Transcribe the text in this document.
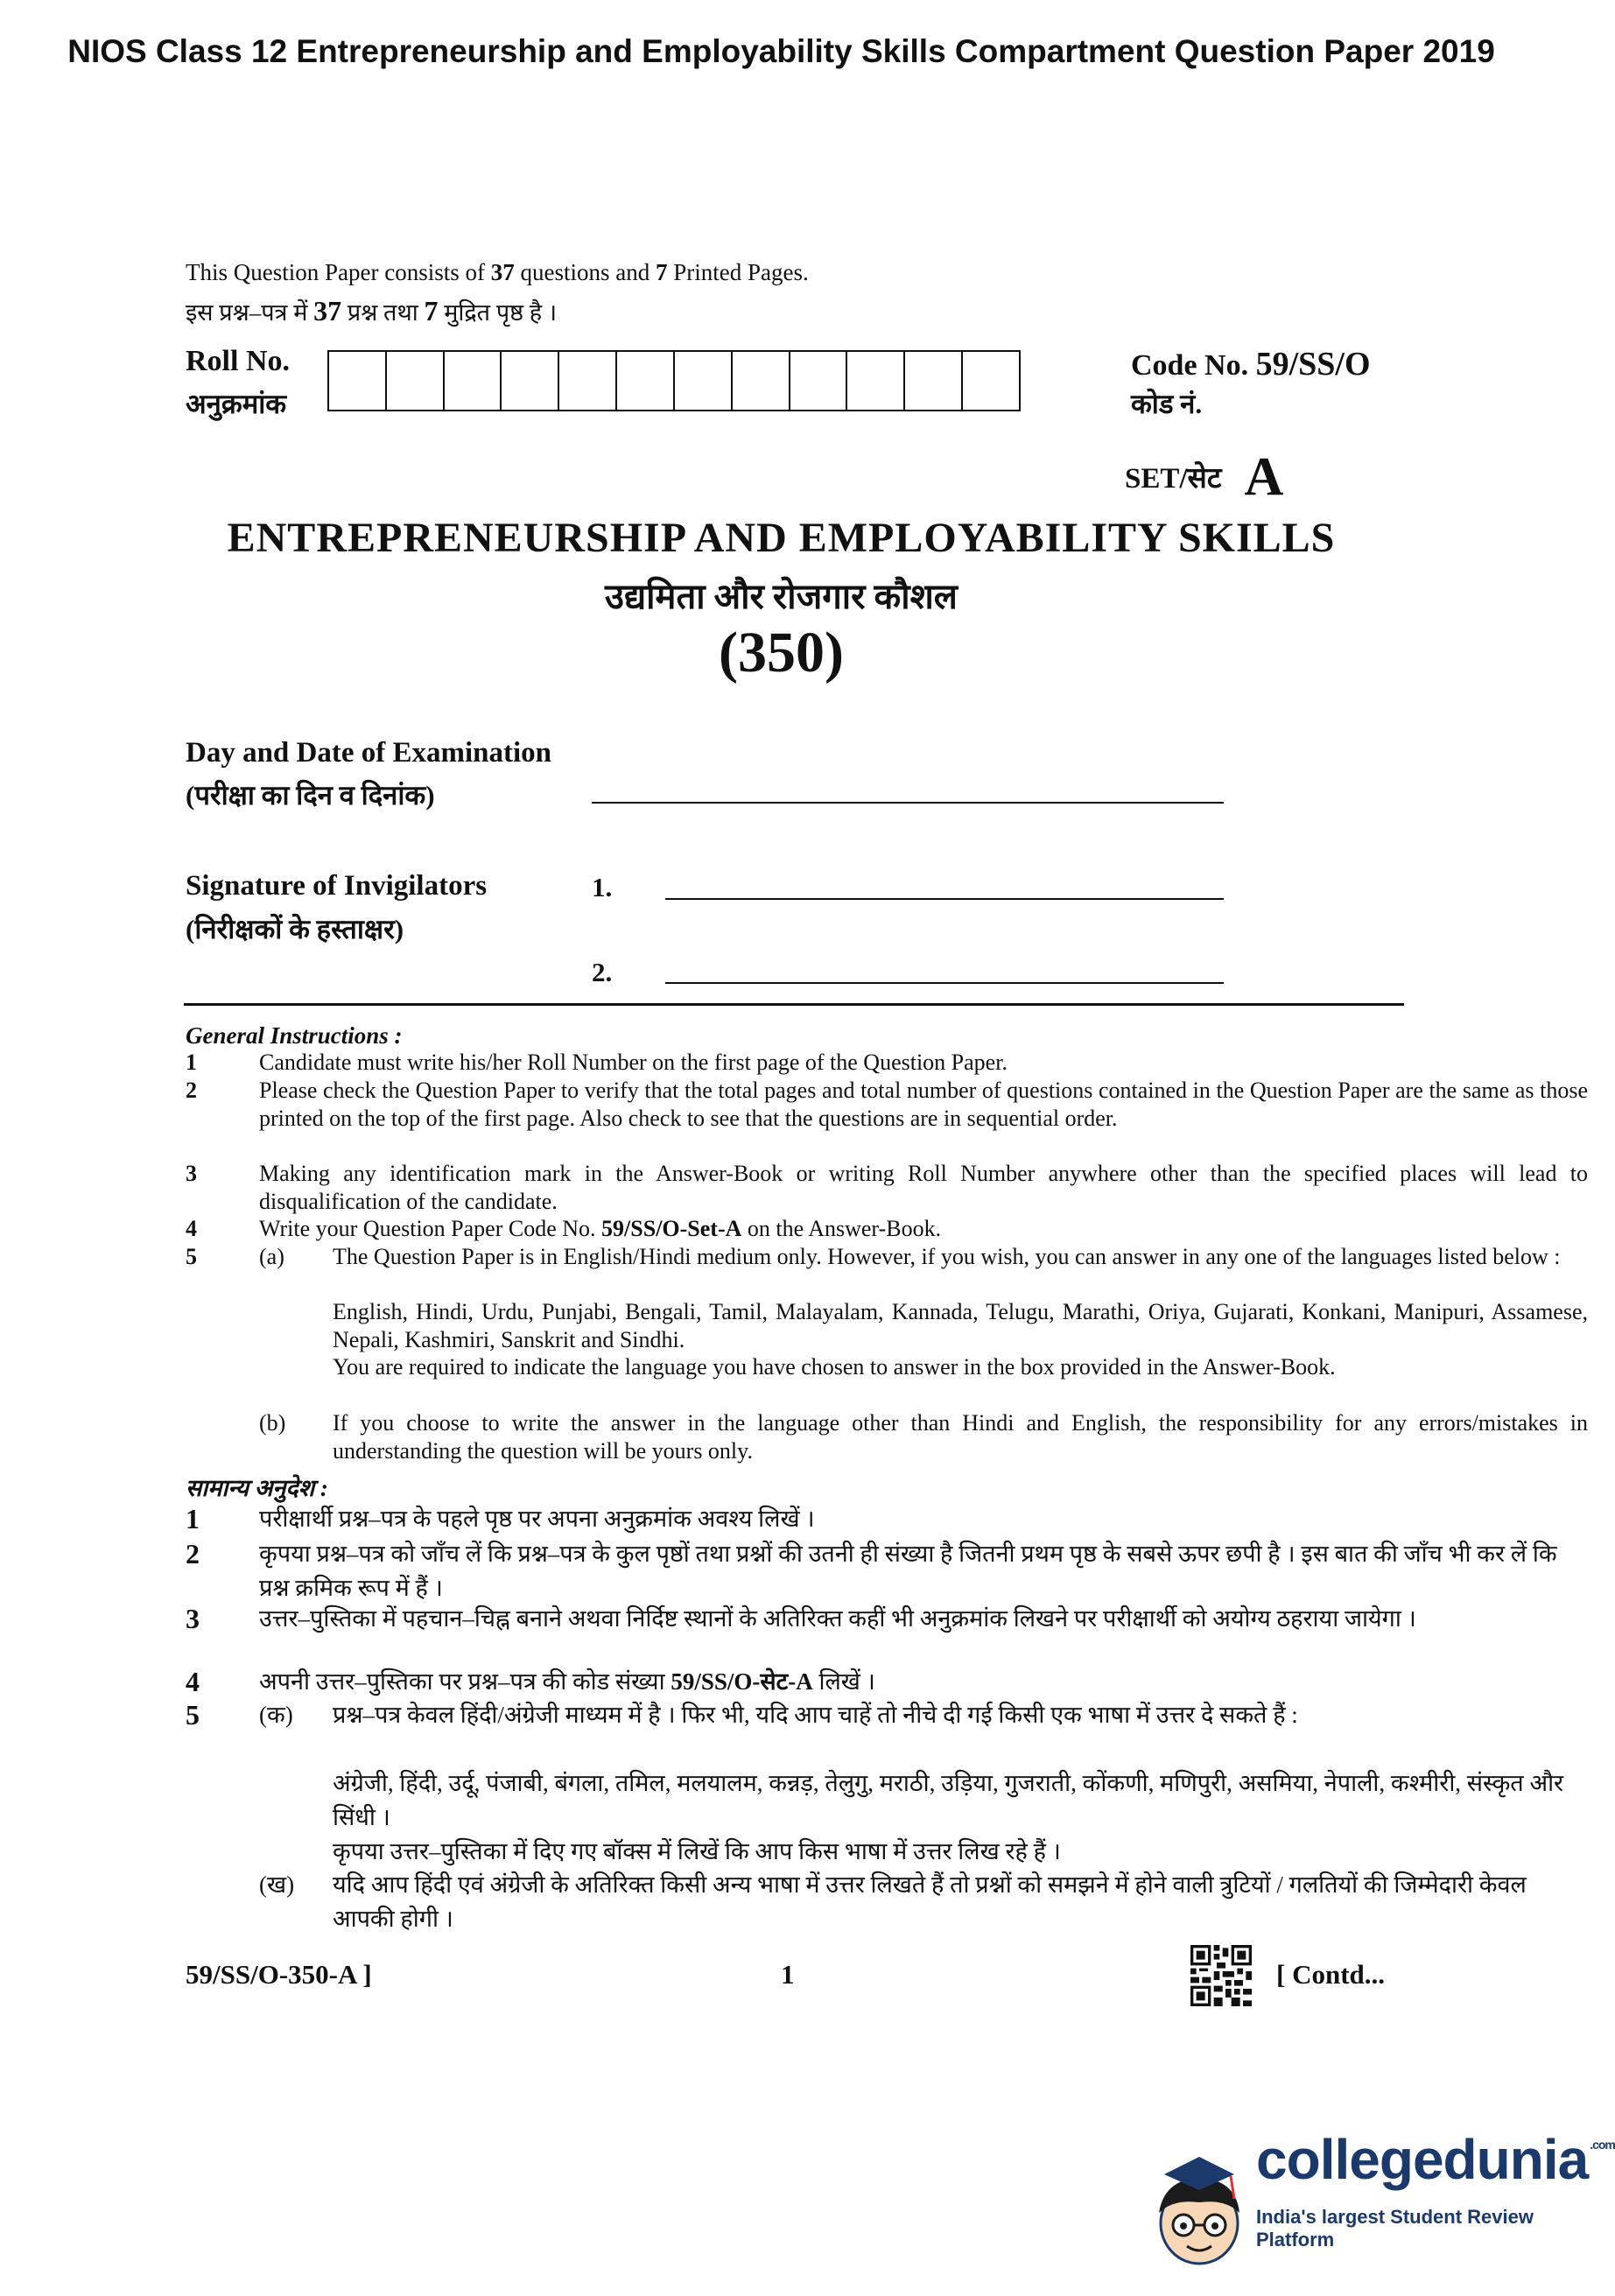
NIOS Class 12 Entrepreneurship and Employability Skills Compartment Question Paper 2019
This Question Paper consists of 37 questions and 7 Printed Pages.
इस प्रश्न–पत्र में 37 प्रश्न तथा 7 मुद्रित पृष्ठ है ।
Roll No.
अनुक्रमांक
Code No. 59/SS/O
कोड नं.
SET/सेट A
ENTREPRENEURSHIP AND EMPLOYABILITY SKILLS
उद्यमिता और रोजगार कौशल
(350)
Day and Date of Examination
(परीक्षा का दिन व दिनांक)
Signature of Invigilators
(निरीक्षकों के हस्ताक्षर)
1.
2.
General Instructions :
1	Candidate must write his/her Roll Number on the first page of the Question Paper.
2	Please check the Question Paper to verify that the total pages and total number of questions contained in the Question Paper are the same as those printed on the top of the first page. Also check to see that the questions are in sequential order.
3	Making any identification mark in the Answer-Book or writing Roll Number anywhere other than the specified places will lead to disqualification of the candidate.
4	Write your Question Paper Code No. 59/SS/O-Set-A on the Answer-Book.
5	(a)	The Question Paper is in English/Hindi medium only. However, if you wish, you can answer in any one of the languages listed below :
English, Hindi, Urdu, Punjabi, Bengali, Tamil, Malayalam, Kannada, Telugu, Marathi, Oriya, Gujarati, Konkani, Manipuri, Assamese, Nepali, Kashmiri, Sanskrit and Sindhi.
You are required to indicate the language you have chosen to answer in the box provided in the Answer-Book.
(b)	If you choose to write the answer in the language other than Hindi and English, the responsibility for any errors/mistakes in understanding the question will be yours only.
सामान्य अनुदेश :
1	परीक्षार्थी प्रश्न–पत्र के पहले पृष्ठ पर अपना अनुक्रमांक अवश्य लिखें ।
2	कृपया प्रश्न–पत्र को जाँच लें कि प्रश्न–पत्र के कुल पृष्ठों तथा प्रश्नों की उतनी ही संख्या है जितनी प्रथम पृष्ठ के सबसे ऊपर छपी है । इस बात की जाँच भी कर लें कि प्रश्न क्रमिक रूप में हैं ।
3	उत्तर–पुस्तिका में पहचान–चिह्न बनाने अथवा निर्दिष्ट स्थानों के अतिरिक्त कहीं भी अनुक्रमांक लिखने पर परीक्षार्थी को अयोग्य ठहराया जायेगा ।
4	अपनी उत्तर–पुस्तिका पर प्रश्न–पत्र की कोड संख्या 59/SS/O-सेट-A लिखें ।
5	(क)	प्रश्न–पत्र केवल हिंदी/अंग्रेजी माध्यम में है । फिर भी, यदि आप चाहें तो नीचे दी गई किसी एक भाषा में उत्तर दे सकते हैं :
अंग्रेजी, हिंदी, उर्दू, पंजाबी, बंगला, तमिल, मलयालम, कन्नड़, तेलुगु, मराठी, उड़िया, गुजराती, कोंकणी, मणिपुरी, असमिया, नेपाली, कश्मीरी, संस्कृत और सिंधी ।
कृपया उत्तर–पुस्तिका में दिए गए बॉक्स में लिखें कि आप किस भाषा में उत्तर लिख रहे हैं ।
(ख)	यदि आप हिंदी एवं अंग्रेजी के अतिरिक्त किसी अन्य भाषा में उत्तर लिखते हैं तो प्रश्नों को समझने में होने वाली त्रुटियों / गलतियों की जिम्मेदारी केवल आपकी होगी ।
59/SS/O-350-A ]	1	[ Contd...
collegedunia $^{.com}$
India's largest Student Review Platform
